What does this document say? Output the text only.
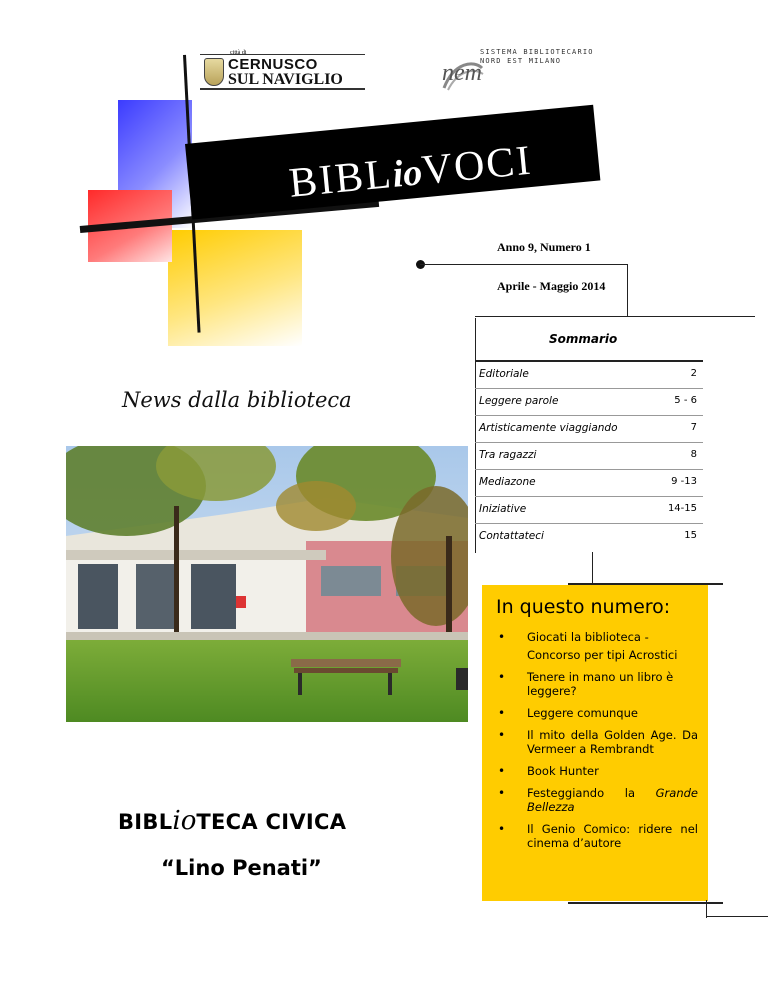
città di
CERNUSCO
SUL NAVIGLIO	nem
SISTEMA BIBLIOTECARIO
NORD EST MILANO
BIBLioVOCI
Anno 9, Numero 1
Aprile - Maggio 2014
Sommario
Editoriale	2
Leggere parole	5 - 6
Artisticamente viaggiando	7
Tra ragazzi	8
Mediazone	9 -13
Iniziative	14-15
Contattateci	15
News dalla biblioteca
In questo numero:
• Giocati la biblioteca -
Concorso per tipi Acrostici
• Tenere in mano un libro è leggere?
• Leggere comunque
• Il mito della Golden Age. Da Vermeer a Rembrandt
• Book Hunter
• Festeggiando la Grande Bellezza
• Il Genio Comico: ridere nel cinema d’autore
BIBLioTECA CIVICA
“Lino Penati”
